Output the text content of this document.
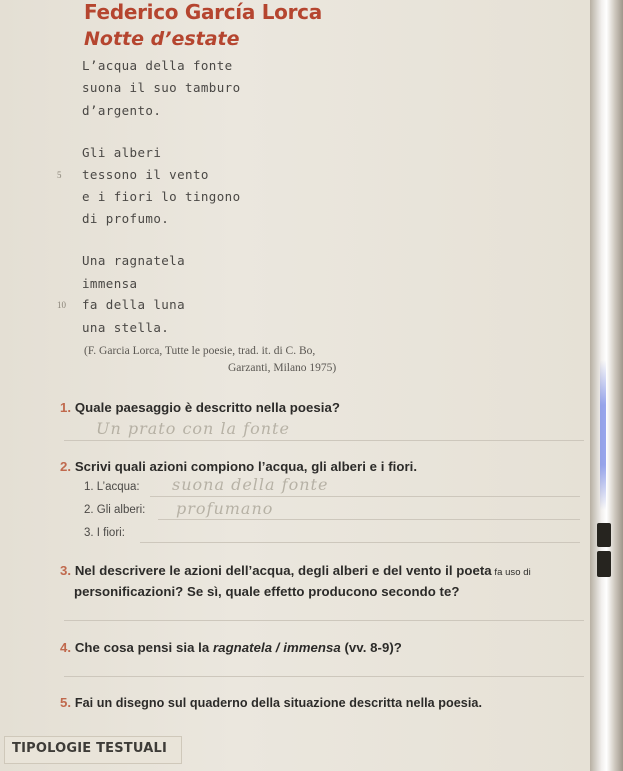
Federico García Lorca
Notte d’estate
L’acqua della fonte
suona il suo tamburo
d’argento.
Gli alberi
5 tessono il vento
e i fiori lo tingono
di profumo.
Una ragnatela
immensa
10 fa della luna
una stella.
(F. Garcia Lorca, Tutte le poesie, trad. it. di C. Bo,
Garzanti, Milano 1975)
1. Quale paesaggio è descritto nella poesia?
Un prato con la fonte
2. Scrivi quali azioni compiono l’acqua, gli alberi e i fiori.
1. L’acqua: suona della fonte
2. Gli alberi: profumano
3. I fiori:
3. Nel descrivere le azioni dell’acqua, degli alberi e del vento il poeta fa uso di
personificazioni? Se sì, quale effetto producono secondo te?
4. Che cosa pensi sia la ragnatela / immensa (vv. 8-9)?
5. Fai un disegno sul quaderno della situazione descritta nella poesia.
TIPOLOGIE TESTUALI
